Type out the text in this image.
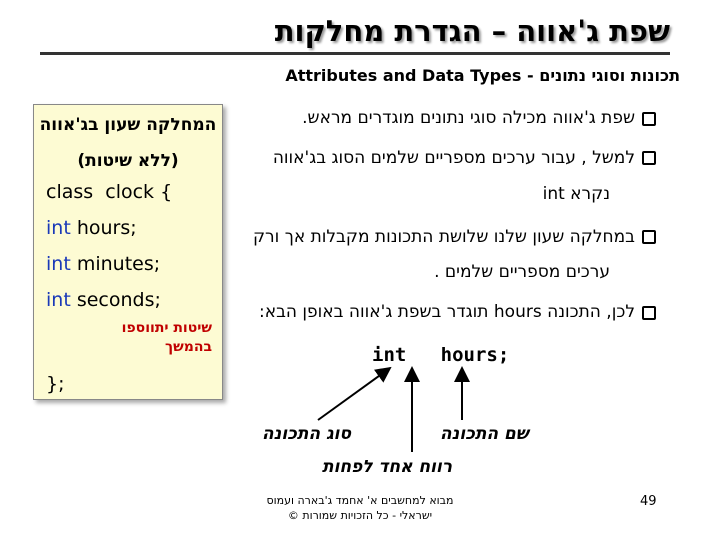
שפת ג'אווה – הגדרת מחלקות
תכונות וסוגי נתונים - Attributes and Data Types
שפת ג'אווה מכילה סוגי נתונים מוגדרים מראש.
למשל , עבור ערכים מספריים שלמים הסוג בג'אווה
נקרא int
במחלקה שעון שלנו שלושת התכונות מקבלות אך ורק
ערכים מספריים שלמים .
לכן, התכונה hours תוגדר בשפת ג'אווה באופן הבא:
המחלקה שעון בג'אווה
(ללא שיטות)
class  clock {
int hours;
int minutes;
int seconds;
שיטות יתווספו
בהמשך
};
int   hours;
שם התכונה
סוג התכונה
רווח אחד לפחות
מבוא למחשבים א' אחמד ג'בארה ועמוס
ישראלי - כל הזכויות שמורות ©
49
